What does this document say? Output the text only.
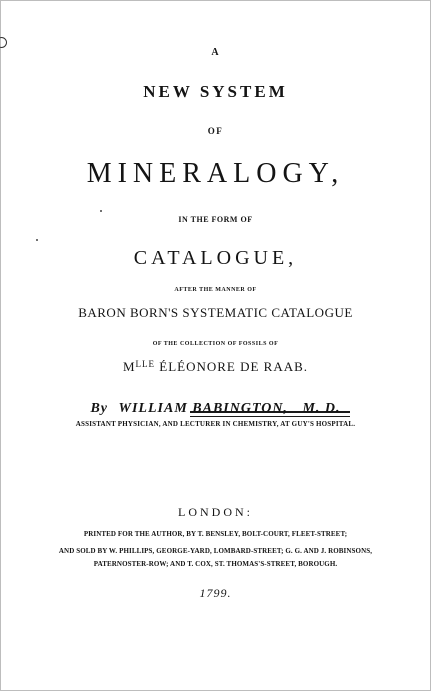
A
NEW SYSTEM
OF
MINERALOGY,
IN THE FORM OF
CATALOGUE,
AFTER THE MANNER OF
BARON BORN'S SYSTEMATIC CATALOGUE
OF THE COLLECTION OF FOSSILS OF
$M^{LLE}$ ÉLÉONORE DE RAAB.
By WILLIAM BABINGTON, M. D.
ASSISTANT PHYSICIAN, AND LECTURER IN CHEMISTRY, AT GUY'S HOSPITAL.
LONDON:
PRINTED FOR THE AUTHOR, BY T. BENSLEY, BOLT-COURT, FLEET-STREET;
AND SOLD BY W. PHILLIPS, GEORGE-YARD, LOMBARD-STREET; G. G. AND J. ROBINSONS,
PATERNOSTER-ROW; AND T. COX, ST. THOMAS'S-STREET, BOROUGH.
1799.
